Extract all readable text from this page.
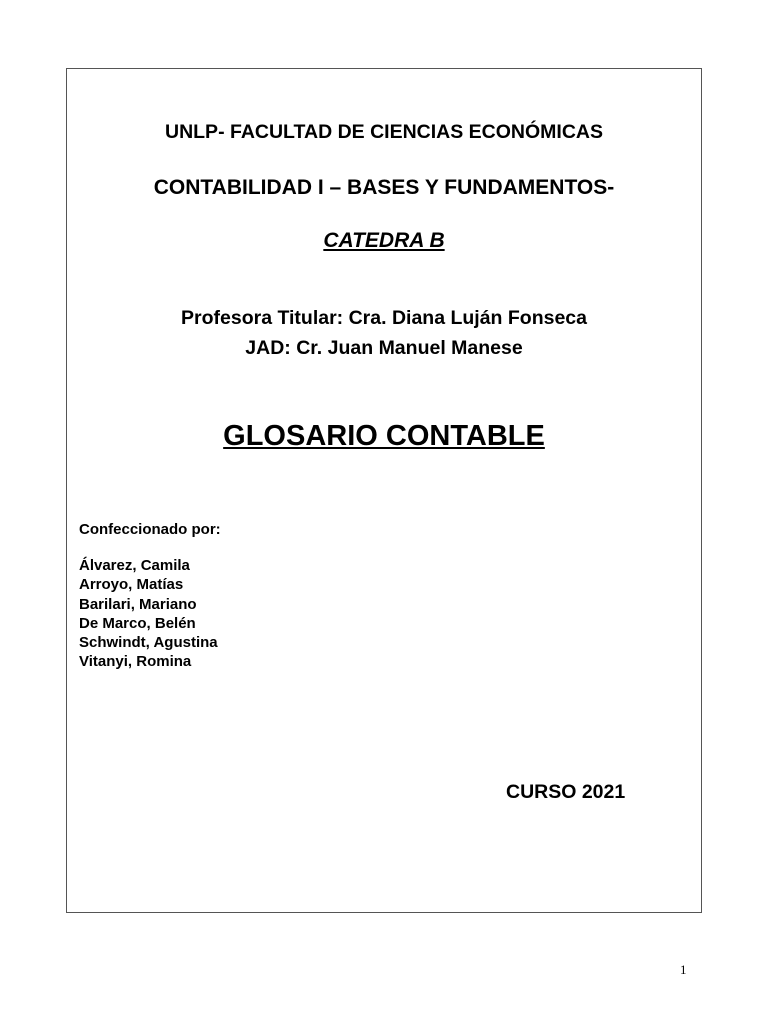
UNLP- FACULTAD DE CIENCIAS ECONÓMICAS
CONTABILIDAD I – BASES Y FUNDAMENTOS-
CATEDRA B
Profesora Titular: Cra. Diana Luján Fonseca
JAD: Cr. Juan Manuel Manese
GLOSARIO CONTABLE
Confeccionado por:
Álvarez, Camila
Arroyo, Matías
Barilari, Mariano
De Marco, Belén
Schwindt, Agustina
Vitanyi, Romina
CURSO 2021
1
